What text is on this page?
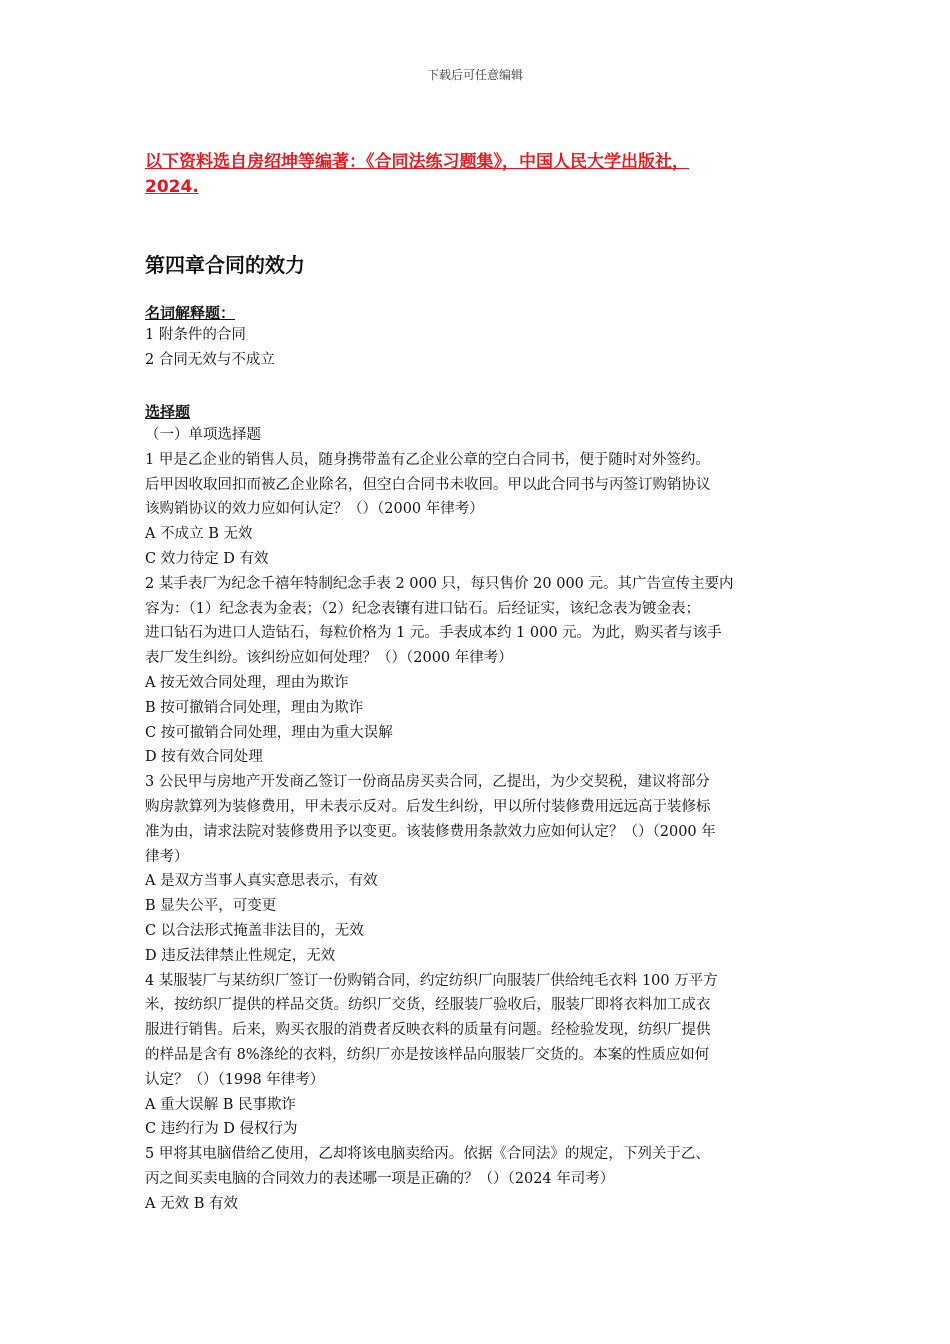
下载后可任意编辑
以下资料选自房绍坤等编著：《合同法练习题集》，中国人民大学出版社，
2024.
第四章合同的效力
名词解释题：
1 附条件的合同
2 合同无效与不成立
选择题
（一）单项选择题
1 甲是乙企业的销售人员，随身携带盖有乙企业公章的空白合同书，便于随时对外签约。
后甲因收取回扣而被乙企业除名，但空白合同书未收回。甲以此合同书与丙签订购销协议
该购销协议的效力应如何认定？（）（2000 年律考）
A 不成立 B 无效
C 效力待定 D 有效
2 某手表厂为纪念千禧年特制纪念手表 2 000 只，每只售价 20 000 元。其广告宣传主要内
容为：（1）纪念表为金表；（2）纪念表镶有进口钻石。后经证实，该纪念表为镀金表；
进口钻石为进口人造钻石，每粒价格为 1 元。手表成本约 1 000 元。为此，购买者与该手
表厂发生纠纷。该纠纷应如何处理？（）（2000 年律考）
A 按无效合同处理，理由为欺诈
B 按可撤销合同处理，理由为欺诈
C 按可撤销合同处理，理由为重大误解
D 按有效合同处理
3 公民甲与房地产开发商乙签订一份商品房买卖合同，乙提出，为少交契税，建议将部分
购房款算列为装修费用，甲未表示反对。后发生纠纷，甲以所付装修费用远远高于装修标
准为由，请求法院对装修费用予以变更。该装修费用条款效力应如何认定？（）（2000 年
律考）
A 是双方当事人真实意思表示，有效
B 显失公平，可变更
C 以合法形式掩盖非法目的，无效
D 违反法律禁止性规定，无效
4 某服装厂与某纺织厂签订一份购销合同，约定纺织厂向服装厂供给纯毛衣料 100 万平方
米，按纺织厂提供的样品交货。纺织厂交货，经服装厂验收后，服装厂即将衣料加工成衣
服进行销售。后来，购买衣服的消费者反映衣料的质量有问题。经检验发现，纺织厂提供
的样品是含有 8%涤纶的衣料，纺织厂亦是按该样品向服装厂交货的。本案的性质应如何
认定？（）（1998 年律考）
A 重大误解 B 民事欺诈
C 违约行为 D 侵权行为
5 甲将其电脑借给乙使用，乙却将该电脑卖给丙。依据《合同法》的规定，下列关于乙、
丙之间买卖电脑的合同效力的表述哪一项是正确的？（）（2024 年司考）
A 无效 B 有效
